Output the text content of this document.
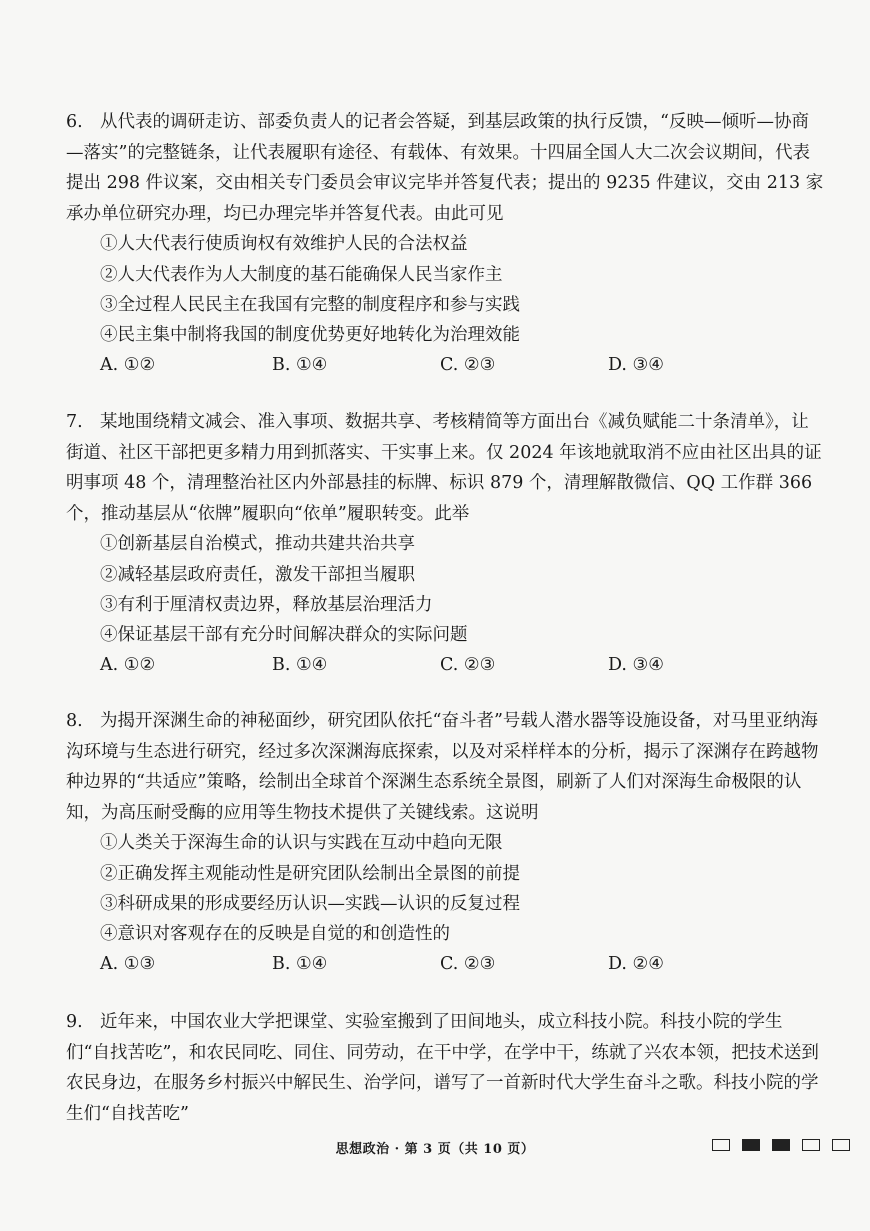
6. 从代表的调研走访、部委负责人的记者会答疑，到基层政策的执行反馈，“反映—倾听—协商—落实”的完整链条，让代表履职有途径、有载体、有效果。十四届全国人大二次会议期间，代表提出 298 件议案，交由相关专门委员会审议完毕并答复代表；提出的 9235 件建议，交由 213 家承办单位研究办理，均已办理完毕并答复代表。由此可见

①人大代表行使质询权有效维护人民的合法权益

②人大代表作为人大制度的基石能确保人民当家作主

③全过程人民民主在我国有完整的制度程序和参与实践

④民主集中制将我国的制度优势更好地转化为治理效能

A. ①②	B. ①④	C. ②③	D. ③④

7. 某地围绕精文减会、准入事项、数据共享、考核精简等方面出台《减负赋能二十条清单》，让街道、社区干部把更多精力用到抓落实、干实事上来。仅 2024 年该地就取消不应由社区出具的证明事项 48 个，清理整治社区内外部悬挂的标牌、标识 879 个，清理解散微信、QQ 工作群 366 个，推动基层从“依牌”履职向“依单”履职转变。此举

①创新基层自治模式，推动共建共治共享

②减轻基层政府责任，激发干部担当履职

③有利于厘清权责边界，释放基层治理活力

④保证基层干部有充分时间解决群众的实际问题

A. ①②	B. ①④	C. ②③	D. ③④

8. 为揭开深渊生命的神秘面纱，研究团队依托“奋斗者”号载人潜水器等设施设备，对马里亚纳海沟环境与生态进行研究，经过多次深渊海底探索，以及对采样样本的分析，揭示了深渊存在跨越物种边界的“共适应”策略，绘制出全球首个深渊生态系统全景图，刷新了人们对深海生命极限的认知，为高压耐受酶的应用等生物技术提供了关键线索。这说明

①人类关于深海生命的认识与实践在互动中趋向无限

②正确发挥主观能动性是研究团队绘制出全景图的前提

③科研成果的形成要经历认识—实践—认识的反复过程

④意识对客观存在的反映是自觉的和创造性的

A. ①③	B. ①④	C. ②③	D. ②④

9. 近年来，中国农业大学把课堂、实验室搬到了田间地头，成立科技小院。科技小院的学生们“自找苦吃”，和农民同吃、同住、同劳动，在干中学，在学中干，练就了兴农本领，把技术送到农民身边，在服务乡村振兴中解民生、治学问，谱写了一首新时代大学生奋斗之歌。科技小院的学生们“自找苦吃”

思想政治 · 第 3 页（共 10 页）
